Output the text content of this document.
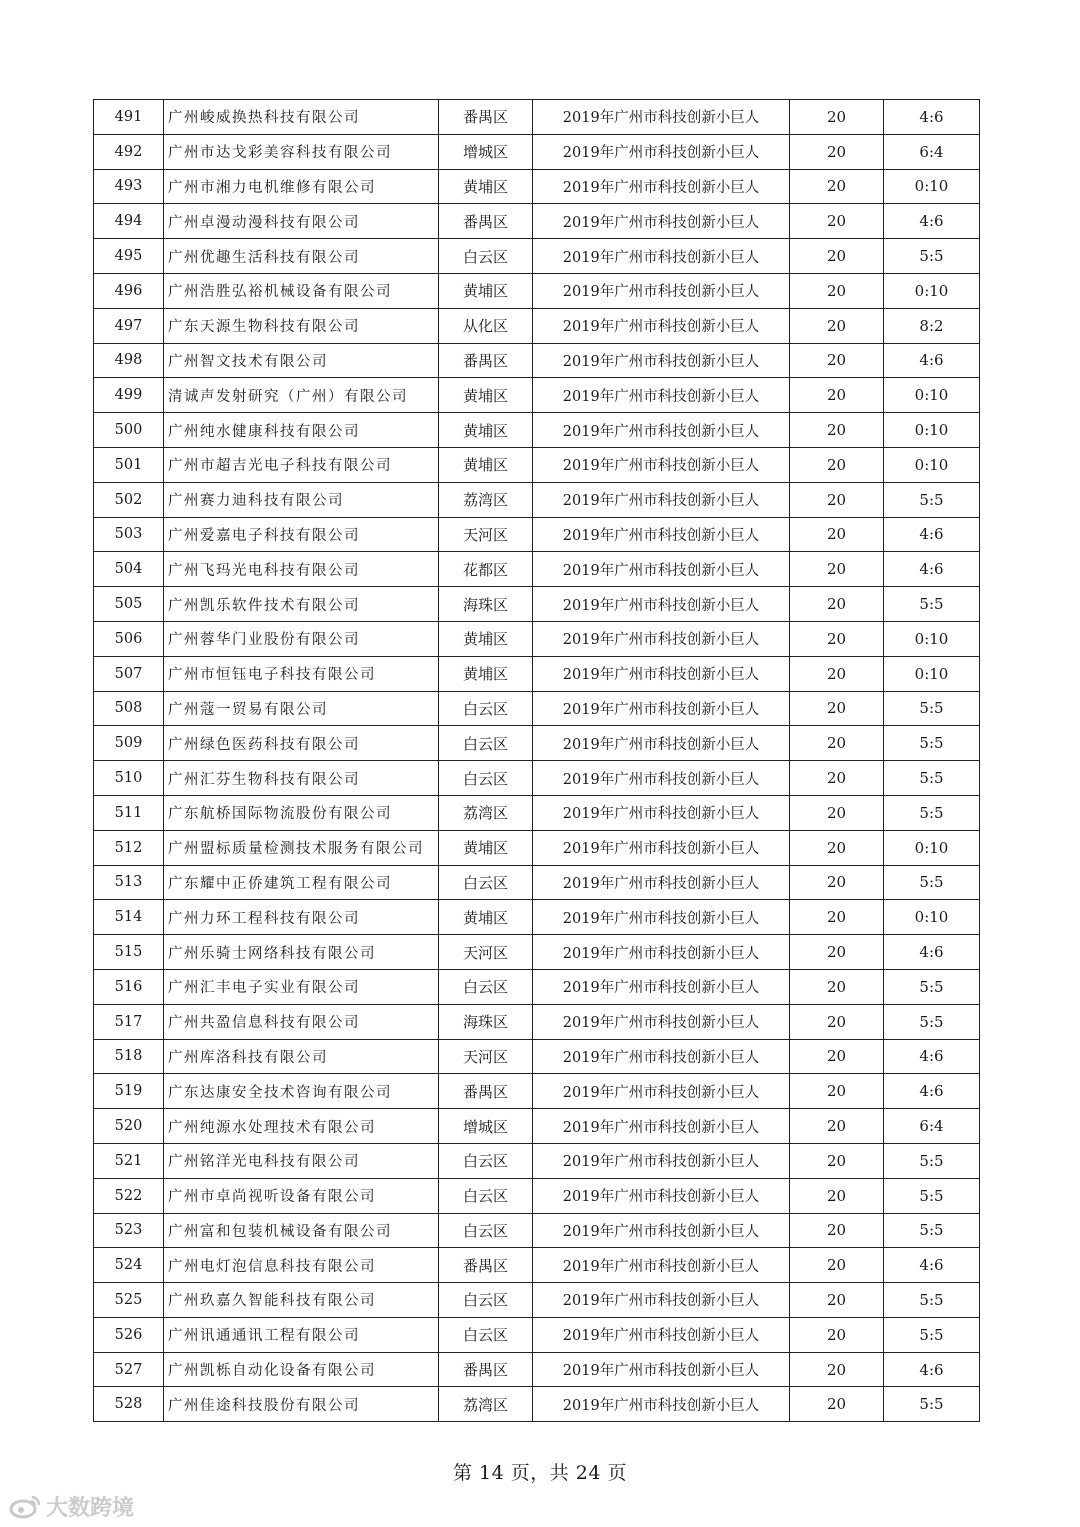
491	广州峻威换热科技有限公司	番禺区	2019年广州市科技创新小巨人	20	4:6
492	广州市达戈彩美容科技有限公司	增城区	2019年广州市科技创新小巨人	20	6:4
493	广州市湘力电机维修有限公司	黄埔区	2019年广州市科技创新小巨人	20	0:10
494	广州卓漫动漫科技有限公司	番禺区	2019年广州市科技创新小巨人	20	4:6
495	广州优趣生活科技有限公司	白云区	2019年广州市科技创新小巨人	20	5:5
496	广州浩胜弘裕机械设备有限公司	黄埔区	2019年广州市科技创新小巨人	20	0:10
497	广东天源生物科技有限公司	从化区	2019年广州市科技创新小巨人	20	8:2
498	广州智文技术有限公司	番禺区	2019年广州市科技创新小巨人	20	4:6
499	清诚声发射研究（广州）有限公司	黄埔区	2019年广州市科技创新小巨人	20	0:10
500	广州纯水健康科技有限公司	黄埔区	2019年广州市科技创新小巨人	20	0:10
501	广州市超吉光电子科技有限公司	黄埔区	2019年广州市科技创新小巨人	20	0:10
502	广州赛力迪科技有限公司	荔湾区	2019年广州市科技创新小巨人	20	5:5
503	广州爱嘉电子科技有限公司	天河区	2019年广州市科技创新小巨人	20	4:6
504	广州飞玛光电科技有限公司	花都区	2019年广州市科技创新小巨人	20	4:6
505	广州凯乐软件技术有限公司	海珠区	2019年广州市科技创新小巨人	20	5:5
506	广州蓉华门业股份有限公司	黄埔区	2019年广州市科技创新小巨人	20	0:10
507	广州市恒钰电子科技有限公司	黄埔区	2019年广州市科技创新小巨人	20	0:10
508	广州蔻一贸易有限公司	白云区	2019年广州市科技创新小巨人	20	5:5
509	广州绿色医药科技有限公司	白云区	2019年广州市科技创新小巨人	20	5:5
510	广州汇芬生物科技有限公司	白云区	2019年广州市科技创新小巨人	20	5:5
511	广东航桥国际物流股份有限公司	荔湾区	2019年广州市科技创新小巨人	20	5:5
512	广州盟标质量检测技术服务有限公司	黄埔区	2019年广州市科技创新小巨人	20	0:10
513	广东耀中正侨建筑工程有限公司	白云区	2019年广州市科技创新小巨人	20	5:5
514	广州力环工程科技有限公司	黄埔区	2019年广州市科技创新小巨人	20	0:10
515	广州乐骑士网络科技有限公司	天河区	2019年广州市科技创新小巨人	20	4:6
516	广州汇丰电子实业有限公司	白云区	2019年广州市科技创新小巨人	20	5:5
517	广州共盈信息科技有限公司	海珠区	2019年广州市科技创新小巨人	20	5:5
518	广州库洛科技有限公司	天河区	2019年广州市科技创新小巨人	20	4:6
519	广东达康安全技术咨询有限公司	番禺区	2019年广州市科技创新小巨人	20	4:6
520	广州纯源水处理技术有限公司	增城区	2019年广州市科技创新小巨人	20	6:4
521	广州铭洋光电科技有限公司	白云区	2019年广州市科技创新小巨人	20	5:5
522	广州市卓尚视听设备有限公司	白云区	2019年广州市科技创新小巨人	20	5:5
523	广州富和包装机械设备有限公司	白云区	2019年广州市科技创新小巨人	20	5:5
524	广州电灯泡信息科技有限公司	番禺区	2019年广州市科技创新小巨人	20	4:6
525	广州玖嘉久智能科技有限公司	白云区	2019年广州市科技创新小巨人	20	5:5
526	广州讯通通讯工程有限公司	白云区	2019年广州市科技创新小巨人	20	5:5
527	广州凯栎自动化设备有限公司	番禺区	2019年广州市科技创新小巨人	20	4:6
528	广州佳途科技股份有限公司	荔湾区	2019年广州市科技创新小巨人	20	5:5
第 14 页，共 24 页
大数跨境
